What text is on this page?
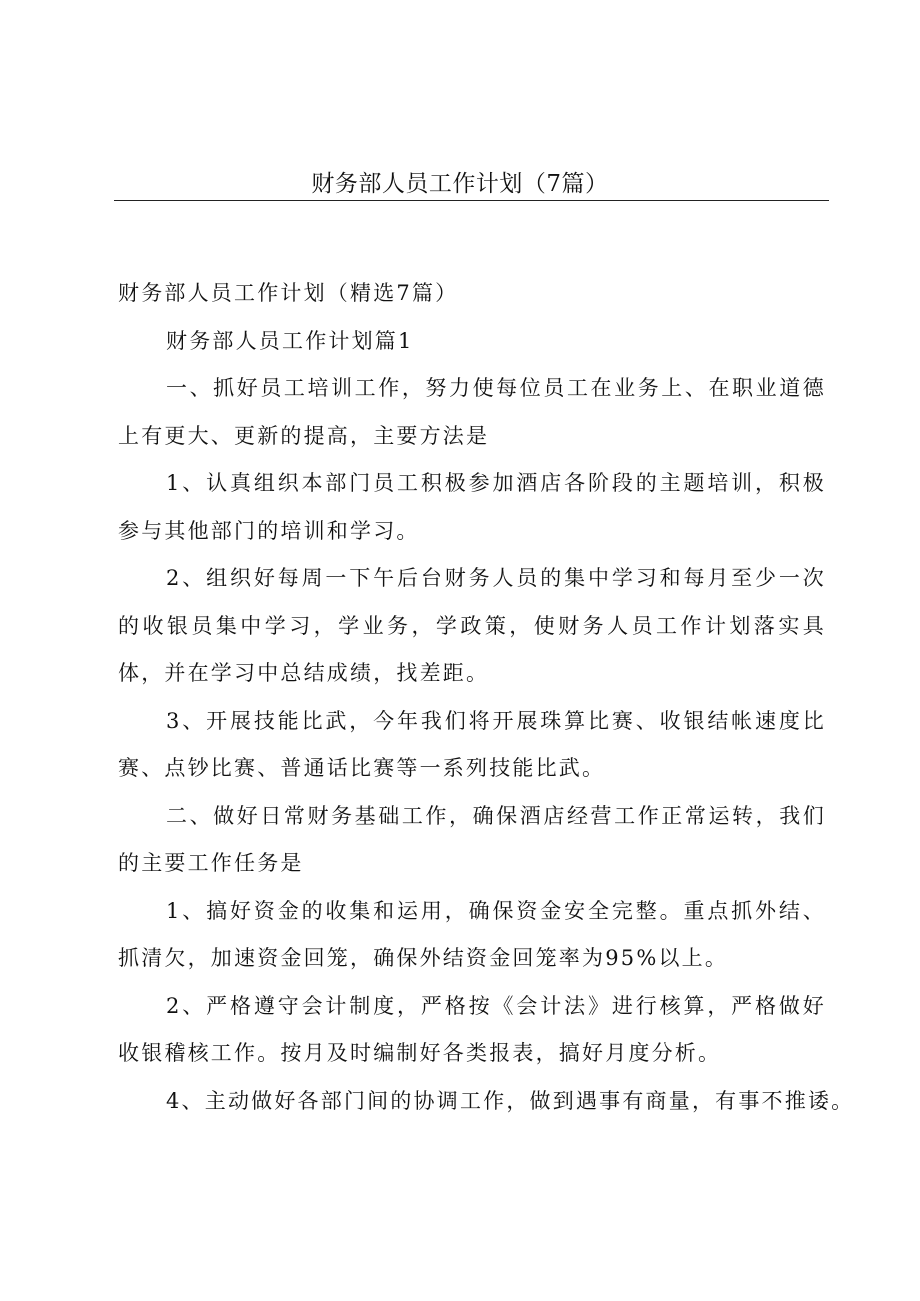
财务部人员工作计划（7篇）

财务部人员工作计划（精选7篇）

财务部人员工作计划篇1

一、抓好员工培训工作，努力使每位员工在业务上、在职业道德上有更大、更新的提高，主要方法是

1、认真组织本部门员工积极参加酒店各阶段的主题培训，积极参与其他部门的培训和学习。

2、组织好每周一下午后台财务人员的集中学习和每月至少一次的收银员集中学习，学业务，学政策，使财务人员工作计划落实具体，并在学习中总结成绩，找差距。

3、开展技能比武，今年我们将开展珠算比赛、收银结帐速度比赛、点钞比赛、普通话比赛等一系列技能比武。

二、做好日常财务基础工作，确保酒店经营工作正常运转，我们的主要工作任务是

1、搞好资金的收集和运用，确保资金安全完整。重点抓外结、抓清欠，加速资金回笼，确保外结资金回笼率为95%以上。

2、严格遵守会计制度，严格按《会计法》进行核算，严格做好收银稽核工作。按月及时编制好各类报表，搞好月度分析。

4、主动做好各部门间的协调工作，做到遇事有商量，有事不推诿。
